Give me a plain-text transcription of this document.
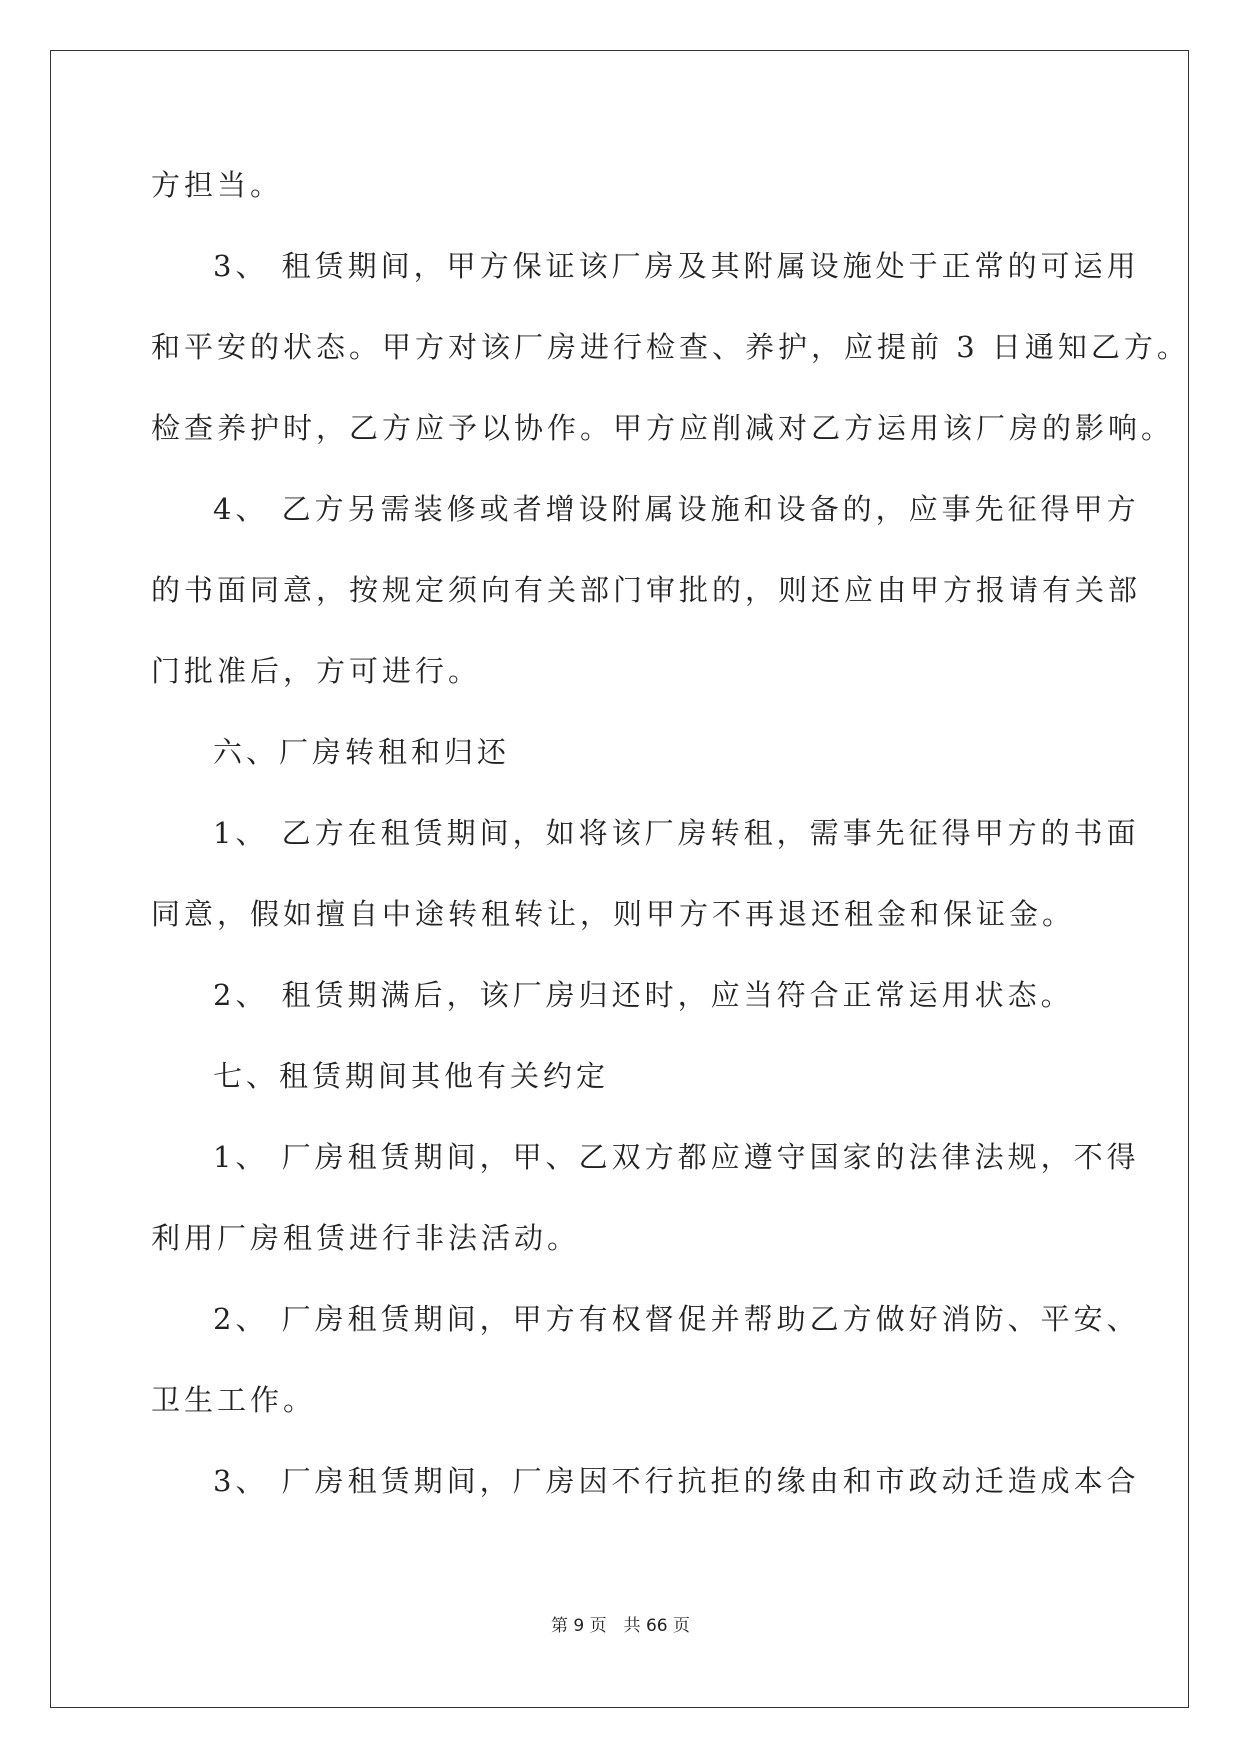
方担当。

3、 租赁期间，甲方保证该厂房及其附属设施处于正常的可运用

和平安的状态。甲方对该厂房进行检查、养护，应提前 3 日通知乙方。

检查养护时，乙方应予以协作。甲方应削减对乙方运用该厂房的影响。

4、 乙方另需装修或者增设附属设施和设备的，应事先征得甲方

的书面同意，按规定须向有关部门审批的，则还应由甲方报请有关部

门批准后，方可进行。

六、厂房转租和归还

1、 乙方在租赁期间，如将该厂房转租，需事先征得甲方的书面

同意，假如擅自中途转租转让，则甲方不再退还租金和保证金。

2、 租赁期满后，该厂房归还时，应当符合正常运用状态。

七、租赁期间其他有关约定

1、 厂房租赁期间，甲、乙双方都应遵守国家的法律法规，不得

利用厂房租赁进行非法活动。

2、 厂房租赁期间，甲方有权督促并帮助乙方做好消防、平安、

卫生工作。

3、 厂房租赁期间，厂房因不行抗拒的缘由和市政动迁造成本合

第 9 页　共 66 页
